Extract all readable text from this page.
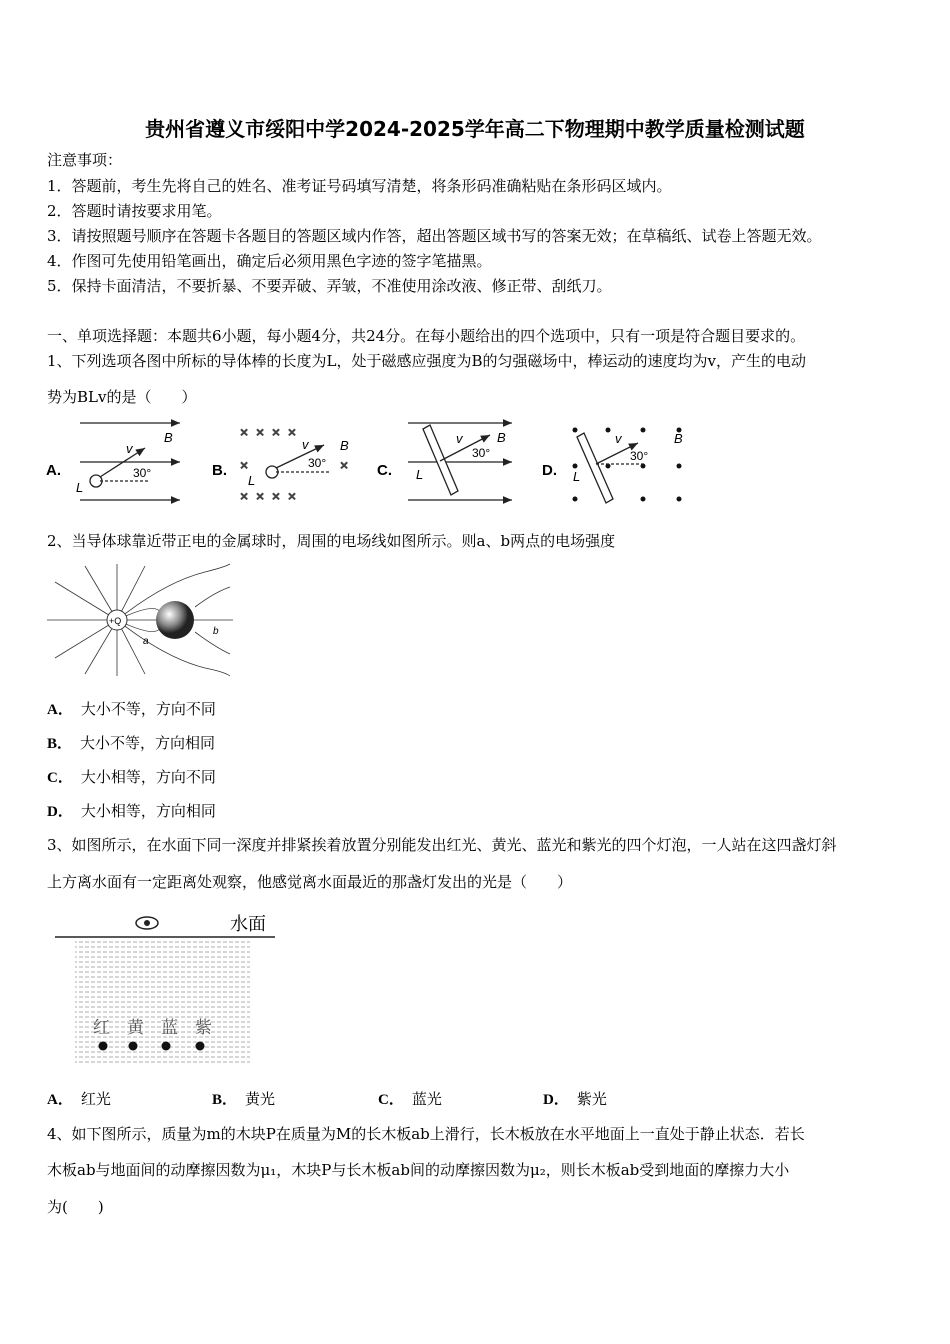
贵州省遵义市绥阳中学2024-2025学年高二下物理期中教学质量检测试题
注意事项：
1．答题前，考生先将自己的姓名、准考证号码填写清楚，将条形码准确粘贴在条形码区域内。
2．答题时请按要求用笔。
3．请按照题号顺序在答题卡各题目的答题区域内作答，超出答题区域书写的答案无效；在草稿纸、试卷上答题无效。
4．作图可先使用铅笔画出，确定后必须用黑色字迹的签字笔描黑。
5．保持卡面清洁，不要折暴、不要弄破、弄皱，不准使用涂改液、修正带、刮纸刀。
一、单项选择题：本题共6小题，每小题4分，共24分。在每小题给出的四个选项中，只有一项是符合题目要求的。
1、下列选项各图中所标的导体棒的长度为L，处于磁感应强度为B的匀强磁场中，棒运动的速度均为v，产生的电动
势为BLv的是（　　）
A.
B
v
30°
L
B.
×  ×  ×  ×
×	×
×  ×  ×  ×
v B
30°
L
C.
v	B
30°
L	D.
v	B
30°
L
2、当导体球靠近带正电的金属球时，周围的电场线如图所示。则a、b两点的电场强度
+Q
a
b
A． 大小不等，方向不同
B． 大小不等，方向相同
C． 大小相等，方向不同
D． 大小相等，方向相同
3、如图所示，在水面下同一深度并排紧挨着放置分别能发出红光、黄光、蓝光和紫光的四个灯泡，一人站在这四盏灯斜
上方离水面有一定距离处观察，他感觉离水面最近的那盏灯发出的光是（　　）
水面
红 黄 蓝 紫
A． 红光	B． 黄光	C． 蓝光	D． 紫光
4、如下图所示，质量为m的木块P在质量为M的长木板ab上滑行，长木板放在水平地面上一直处于静止状态．若长
木板ab与地面间的动摩擦因数为μ₁，木块P与长木板ab间的动摩擦因数为μ₂，则长木板ab受到地面的摩擦力大小
为(　　)
